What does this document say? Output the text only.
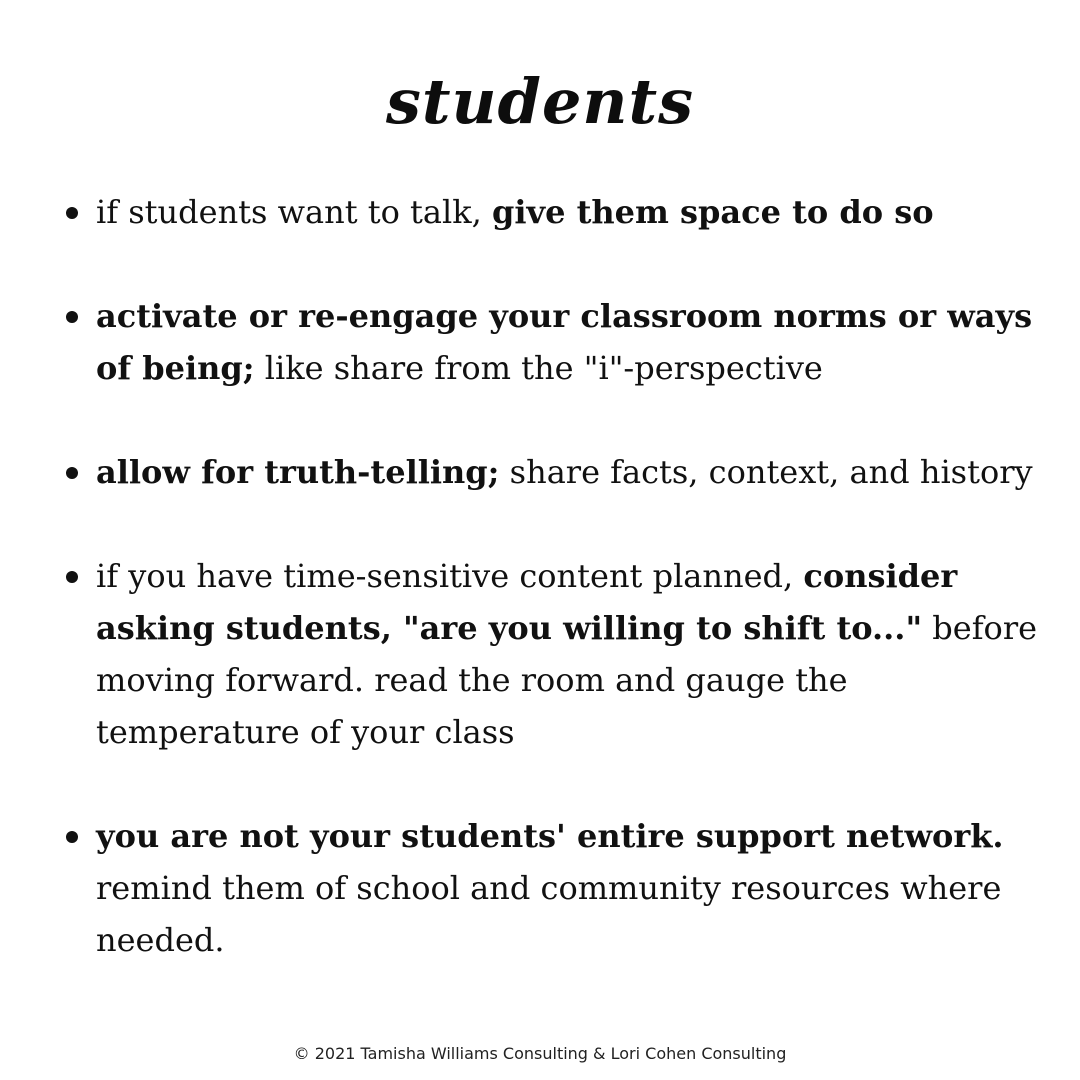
students
if students want to talk, give them space to do so
activate or re-engage your classroom norms or ways of being; like share from the "i"-perspective
allow for truth-telling; share facts, context, and history
if you have time-sensitive content planned, consider asking students, "are you willing to shift to..." before moving forward. read the room and gauge the temperature of your class
you are not your students' entire support network. remind them of school and community resources where needed.
© 2021 Tamisha Williams Consulting & Lori Cohen Consulting
